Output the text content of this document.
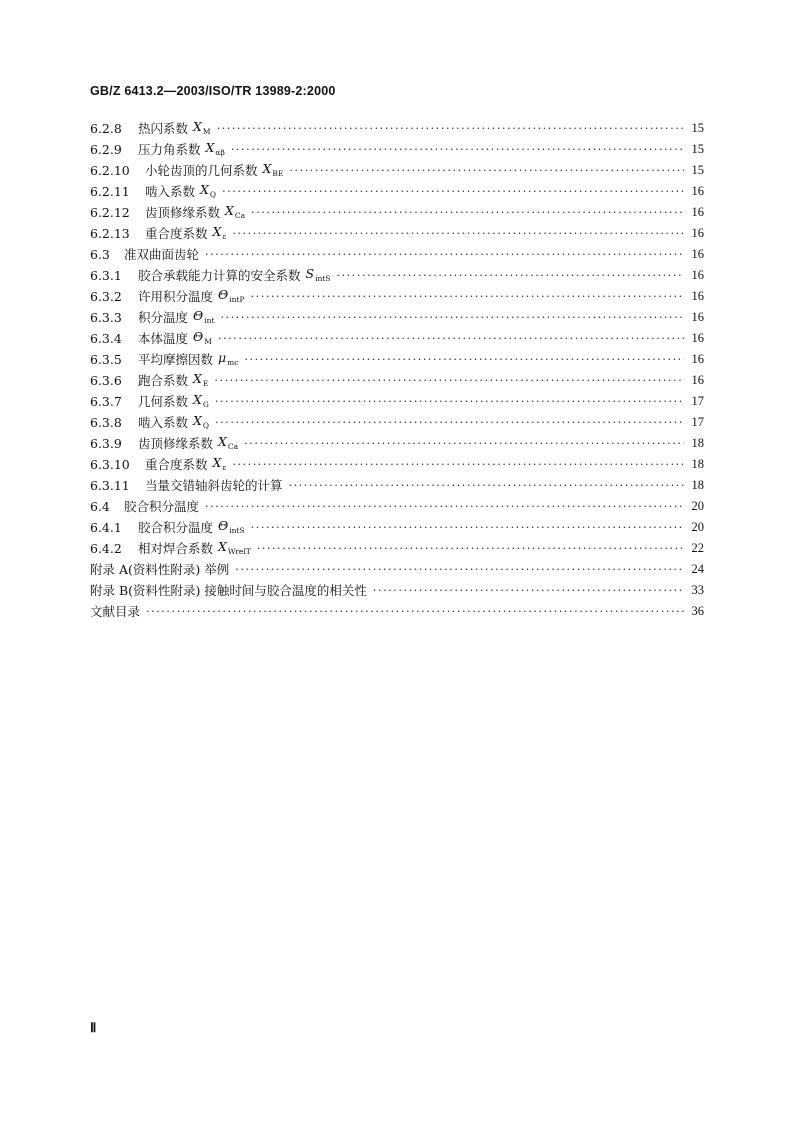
GB/Z 6413.2—2003/ISO/TR 13989-2:2000
6.2.8	热闪系数 $X_M$ ·····	15
6.2.9	压力角系数 $X_{\alpha\beta}$ ·····	15
6.2.10	小轮齿顶的几何系数 $X_{BE}$ ·····	15
6.2.11	啮入系数 $X_Q$ ·····	16
6.2.12	齿顶修缘系数 $X_{Ca}$ ·····	16
6.2.13	重合度系数 $X_\varepsilon$ ·····	16
6.3	准双曲面齿轮 ·····	16
6.3.1	胶合承载能力计算的安全系数 $S_{intS}$ ·····	16
6.3.2	许用积分温度 $\Theta_{intP}$ ·····	16
6.3.3	积分温度 $\Theta_{int}$ ·····	16
6.3.4	本体温度 $\Theta_M$ ·····	16
6.3.5	平均摩擦因数 $\mu_{mc}$ ·····	16
6.3.6	跑合系数 $X_E$ ·····	16
6.3.7	几何系数 $X_G$ ·····	17
6.3.8	啮入系数 $X_Q$ ·····	17
6.3.9	齿顶修缘系数 $X_{Ca}$ ·····	18
6.3.10	重合度系数 $X_\varepsilon$ ·····	18
6.3.11	当量交错轴斜齿轮的计算 ·····	18
6.4	胶合积分温度 ·····	20
6.4.1	胶合积分温度 $\Theta_{intS}$ ·····	20
6.4.2	相对焊合系数 $X_{WrelT}$ ·····	22
附录 A (资料性附录) 举例 ·····	24
附录 B (资料性附录) 接触时间与胶合温度的相关性 ·····	33
文献目录 ·····	36
Ⅱ
